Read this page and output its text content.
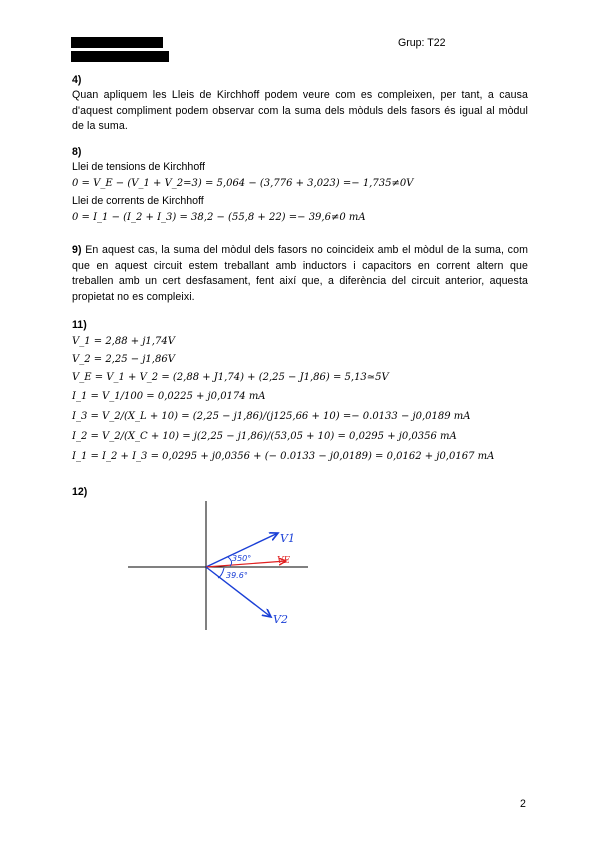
Grup: T22
4)
Quan apliquem les Lleis de Kirchhoff podem veure com es compleixen, per tant, a causa d'aquest compliment podem observar com la suma dels mòduls dels fasors és igual al mòdul de la suma.
8)
Llei de tensions de Kirchhoff
0 = V_E − (V_1 + V_2=3) = 5,064 − (3,776 + 3,023) =− 1,735≠0V
Llei de corrents de Kirchhoff
0 = I_1 − (I_2 + I_3) = 38,2 − (55,8 + 22) =− 39,6≠0 mA
9) En aquest cas, la suma del mòdul dels fasors no coincideix amb el mòdul de la suma, com que en aquest circuit estem treballant amb inductors i capacitors en corrent altern que treballen amb un cert desfasament, fent així que, a diferència del circuit anterior, aquesta propietat no es compleixi.
11)
V_1 = 2,88 + j1,74V
V_2 = 2,25 − j1,86V
V_E = V_1 + V_2 = (2,88 + J1,74) + (2,25 − J1,86) = 5,13≃5V
I_1 = V_1/100 = 0,0225 + j0,0174 mA
I_3 = V_2/(X_L + 10) = (2,25 − j1,86)/(j125,66 + 10) =− 0.0133 − j0,0189 mA
I_2 = V_2/(X_C + 10) = j(2,25 − j1,86)/(53,05 + 10) = 0,0295 + j0,0356 mA
I_1 = I_2 + I_3 = 0,0295 + j0,0356 + (− 0.0133 − j0,0189) = 0,0162 + j0,0167 mA
12)
V1
VE
V2
350°
39.6°
2
